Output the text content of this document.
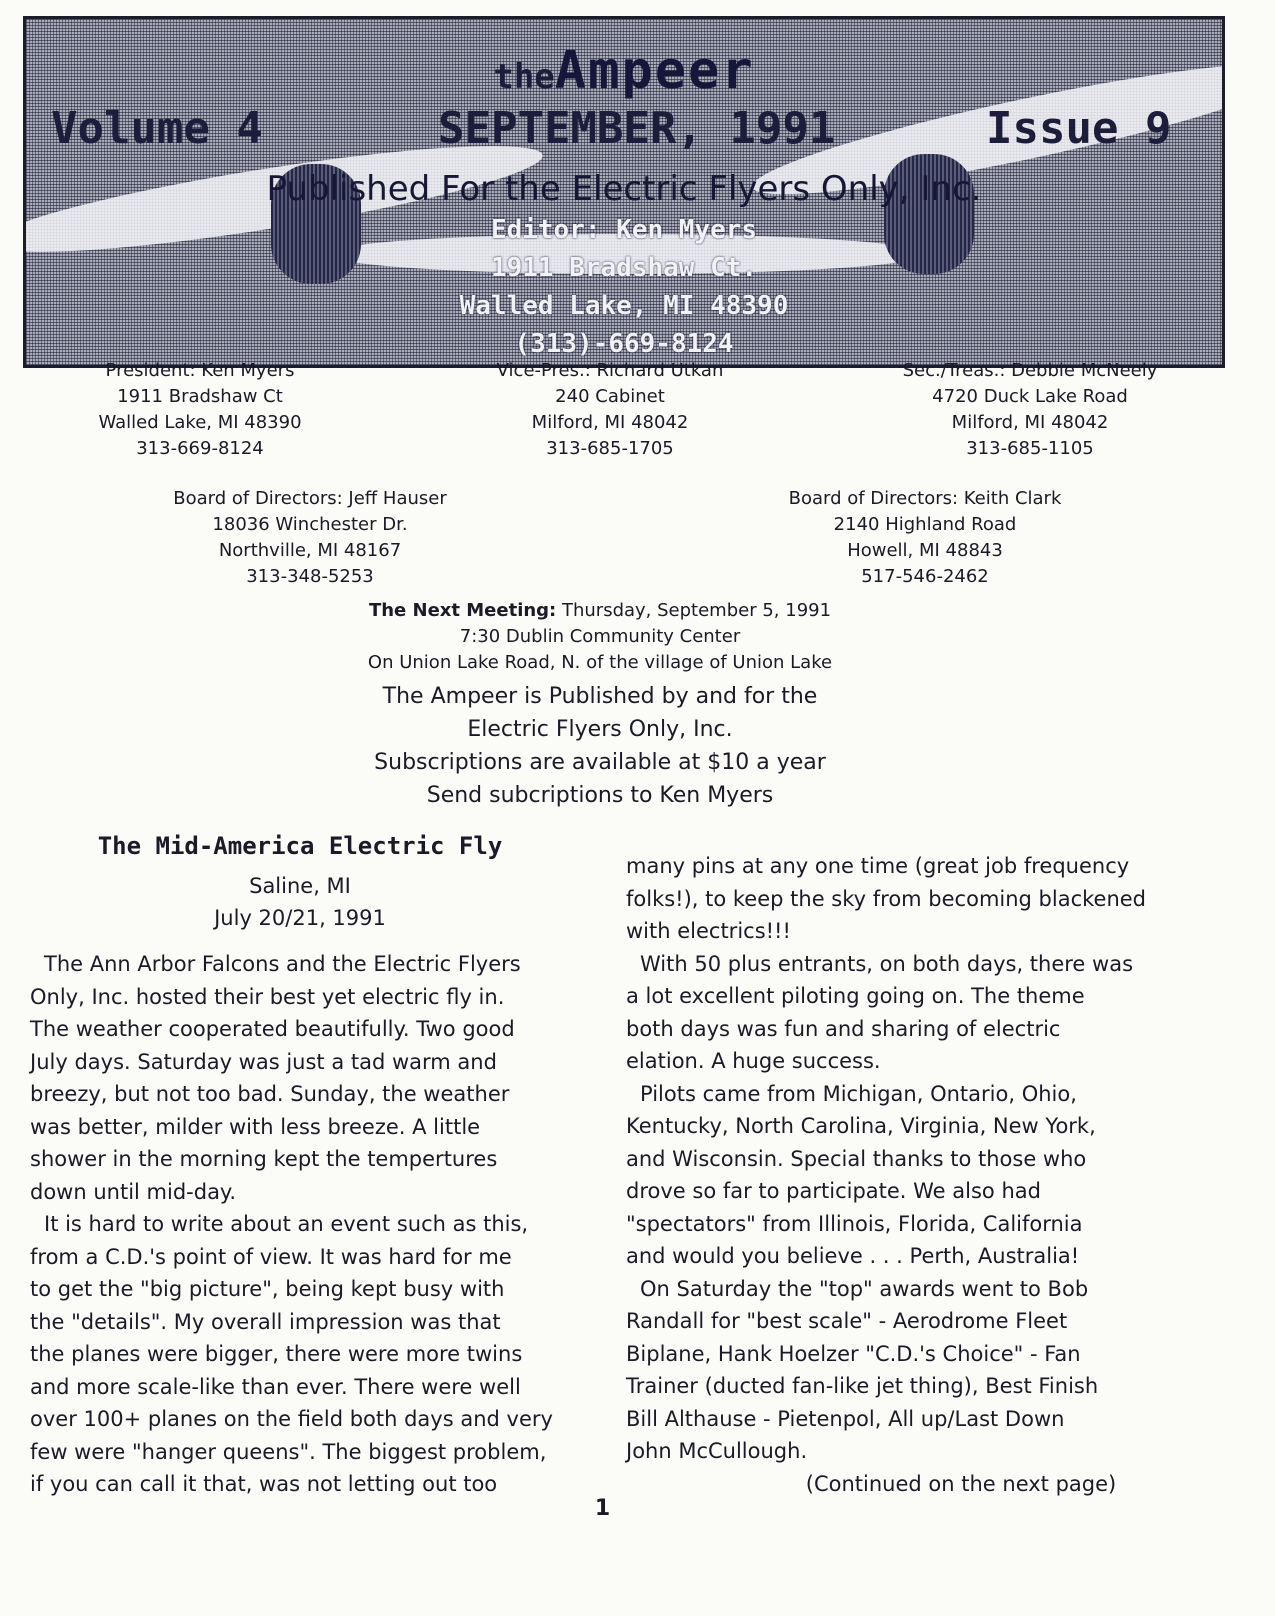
theAmpeer
Volume 4	SEPTEMBER, 1991	Issue 9
Published For the Electric Flyers Only, Inc.
Editor: Ken Myers
1911 Bradshaw Ct.
Walled Lake, MI 48390
(313)-669-8124
President: Ken Myers
1911 Bradshaw Ct
Walled Lake, MI 48390
313-669-8124
Vice-Pres.: Richard Utkan
240 Cabinet
Milford, MI 48042
313-685-1705
Sec./Treas.: Debbie McNeely
4720 Duck Lake Road
Milford, MI 48042
313-685-1105
Board of Directors: Jeff Hauser
18036 Winchester Dr.
Northville, MI 48167
313-348-5253
Board of Directors: Keith Clark
2140 Highland Road
Howell, MI 48843
517-546-2462
The Next Meeting: Thursday, September 5, 1991
7:30 Dublin Community Center
On Union Lake Road, N. of the village of Union Lake
The Ampeer is Published by and for the
Electric Flyers Only, Inc.
Subscriptions are available at $10 a year
Send subcriptions to Ken Myers
The Mid-America Electric Fly
Saline, MI
July 20/21, 1991

The Ann Arbor Falcons and the Electric Flyers
Only, Inc. hosted their best yet electric fly in.
The weather cooperated beautifully. Two good
July days. Saturday was just a tad warm and
breezy, but not too bad. Sunday, the weather
was better, milder with less breeze. A little
shower in the morning kept the tempertures
down until mid-day.

It is hard to write about an event such as this,
from a C.D.'s point of view. It was hard for me
to get the "big picture", being kept busy with
the "details". My overall impression was that
the planes were bigger, there were more twins
and more scale-like than ever. There were well
over 100+ planes on the field both days and very
few were "hanger queens". The biggest problem,
if you can call it that, was not letting out too

many pins at any one time (great job frequency
folks!), to keep the sky from becoming blackened
with electrics!!!

With 50 plus entrants, on both days, there was
a lot excellent piloting going on. The theme
both days was fun and sharing of electric
elation. A huge success.

Pilots came from Michigan, Ontario, Ohio,
Kentucky, North Carolina, Virginia, New York,
and Wisconsin. Special thanks to those who
drove so far to participate. We also had
"spectators" from Illinois, Florida, California
and would you believe . . . Perth, Australia!

On Saturday the "top" awards went to Bob
Randall for "best scale" - Aerodrome Fleet
Biplane, Hank Hoelzer "C.D.'s Choice" - Fan
Trainer (ducted fan-like jet thing), Best Finish
Bill Althause - Pietenpol, All up/Last Down
John McCullough.

(Continued on the next page)

1
